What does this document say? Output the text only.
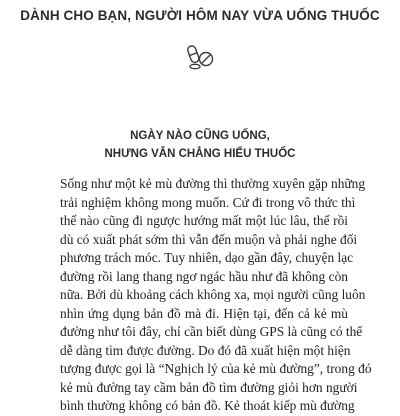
DÀNH CHO BẠN, NGƯỜI HÔM NAY VỪA UỐNG THUỐC
NGÀY NÀO CŨNG UỐNG,
NHƯNG VẪN CHẲNG HIỂU THUỐC
Sống như một kẻ mù đường thì thường xuyên gặp những
trải nghiệm không mong muốn. Cứ đi trong vô thức thì
thế nào cũng đi ngược hướng mất một lúc lâu, thế rồi
dù có xuất phát sớm thì vẫn đến muộn và phải nghe đối
phương trách móc. Tuy nhiên, dạo gần đây, chuyện lạc
đường rồi lang thang ngơ ngác hầu như đã không còn
nữa. Bởi dù khoảng cách không xa, mọi người cũng luôn
nhìn ứng dụng bản đồ mà đi. Hiện tại, đến cả kẻ mù
đường như tôi đây, chỉ cần biết dùng GPS là cũng có thể
dễ dàng tìm được đường. Do đó đã xuất hiện một hiện
tượng được gọi là “Nghịch lý của kẻ mù đường”, trong đó
kẻ mù đường tay cầm bản đồ tìm đường giỏi hơn người
bình thường không có bản đồ. Kẻ thoát kiếp mù đường
